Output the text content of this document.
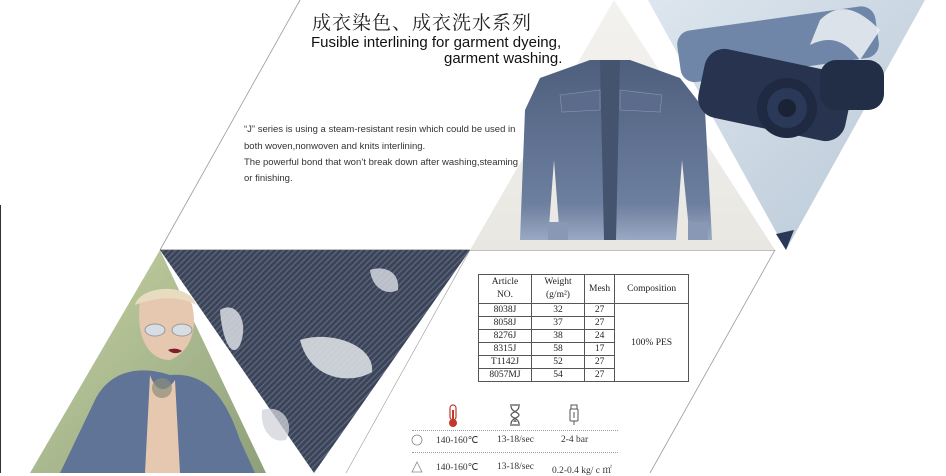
成衣染色、成衣洗水系列
Fusible interlining for garment dyeing,
garment washing.
“J” series is using a steam-resistant resin which could be used in
both woven,nonwoven and knits interlining.
The powerful bond that won’t break down after washing,steaming
or finishing.
Article NO.	Weight (g/m²)	Mesh	Composition
8038J	32	27	100% PES
8058J	37	27	
8276J	38	24	
8315J	58	17	
T1142J	52	27	
8057MJ	54	27	
140-160℃ 13-18/sec	2-4 bar
140-160℃ 13-18/sec 0.2-0.4 kg/ c ㎡
